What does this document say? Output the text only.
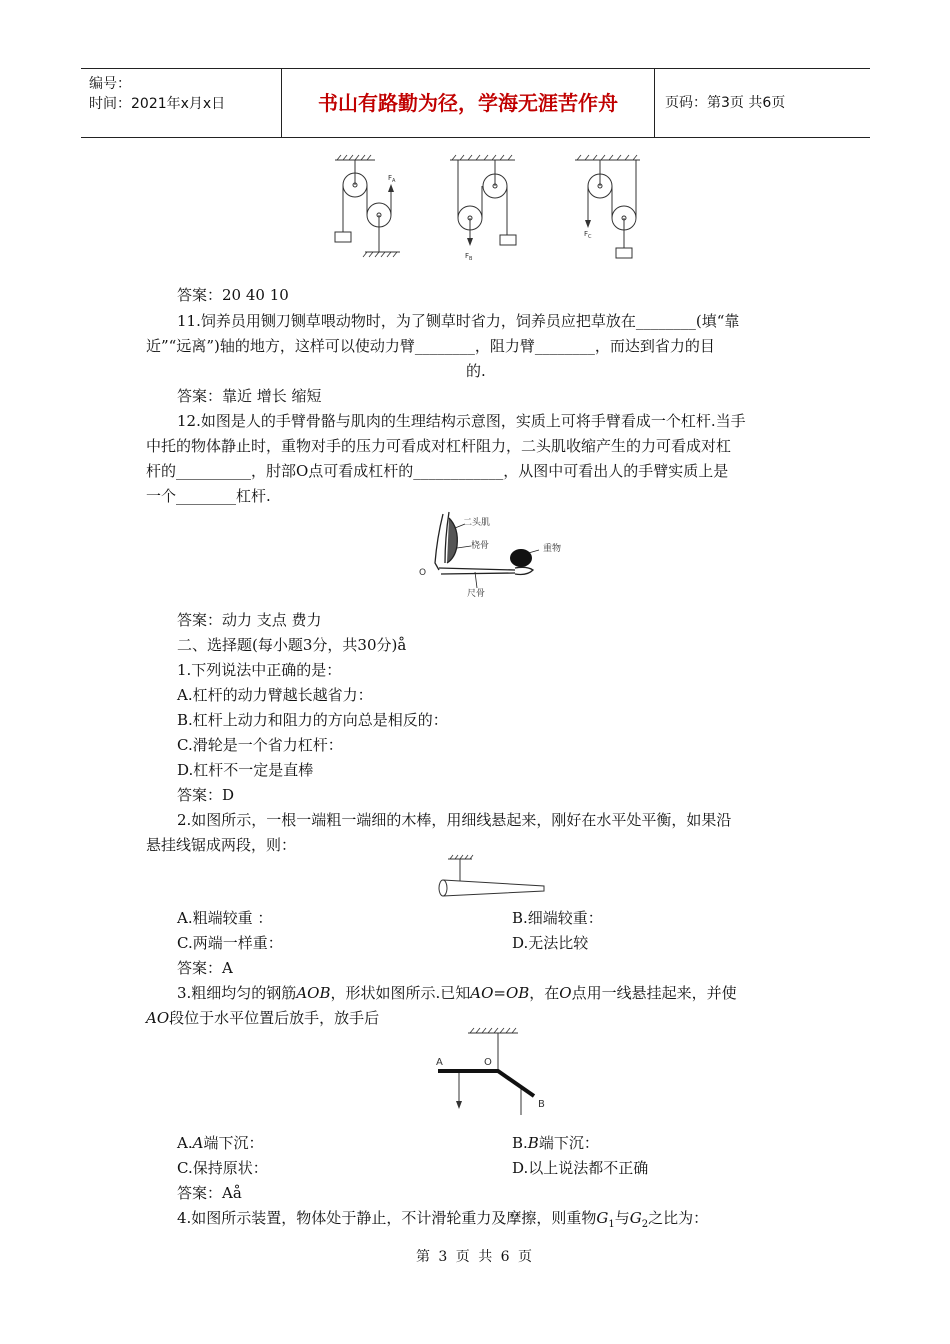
编号：
时间：2021年x月x日	书山有路勤为径，学海无涯苦作舟	页码：第3页 共6页
$F_A$
$F_B$
$F_C$
答案：20 40 10
11.饲养员用铡刀铡草喂动物时，为了铡草时省力，饲养员应把草放在________(填“靠
近”“远离”)轴的地方，这样可以使动力臂________，阻力臂________，而达到省力的目
的.
答案：靠近 增长 缩短
12.如图是人的手臂骨骼与肌肉的生理结构示意图，实质上可将手臂看成一个杠杆.当手
中托的物体静止时，重物对手的压力可看成对杠杆阻力，二头肌收缩产生的力可看成对杠
杆的__________，肘部O点可看成杠杆的____________，从图中可看出人的手臂实质上是
一个________杠杆.
二头肌
桡骨	重物
O
尺骨
答案：动力 支点 费力
二、选择题(每小题3分，共30分)å
1.下列说法中正确的是：
A.杠杆的动力臂越长越省力：
B.杠杆上动力和阻力的方向总是相反的：
C.滑轮是一个省力杠杆：
D.杠杆不一定是直棒
答案：D
2.如图所示，一根一端粗一端细的木棒，用细线悬起来，刚好在水平处平衡，如果沿
悬挂线锯成两段，则：
A.粗端较重 ：	B.细端较重：
C.两端一样重：	D.无法比较
答案：A
3.粗细均匀的钢筋AOB，形状如图所示.已知AO=OB，在O点用一线悬挂起来，并使
AO段位于水平位置后放手，放手后
A	O
B
A.A端下沉：	B.B端下沉：
C.保持原状：	D.以上说法都不正确
答案：Aå
4.如图所示装置，物体处于静止，不计滑轮重力及摩擦，则重物$G_1$与$G_2$之比为：
第 3 页 共 6 页
